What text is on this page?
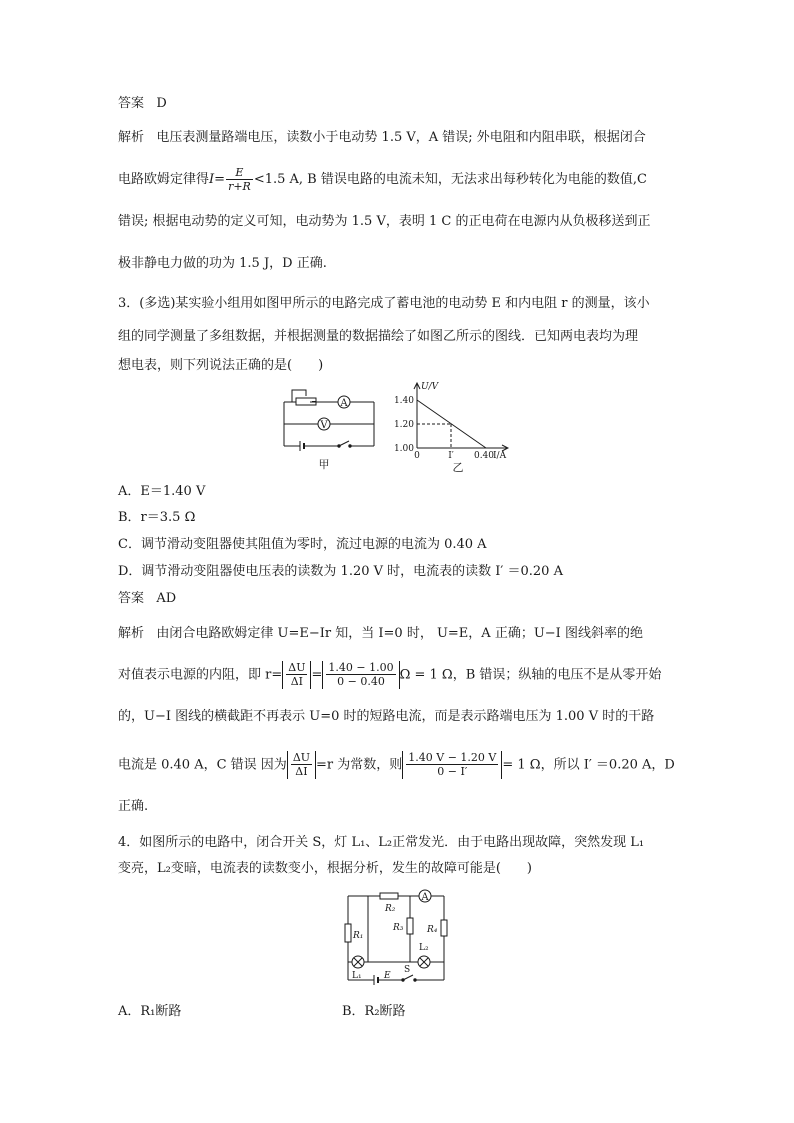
答案 D
解析 电压表测量路端电压，读数小于电动势 1.5 V，A 错误; 外电阻和内阻串联，根据闭合
电路欧姆定律得$I= \frac{E}{r+R} <1.5$ A, B 错误电路的电流未知，无法求出每秒转化为电能的数值,C
错误; 根据电动势的定义可知，电动势为 1.5 V，表明 1 C 的正电荷在电源内从负极移送到正
极非静电力做的功为 1.5 J，D 正确.
3．(多选)某实验小组用如图甲所示的电路完成了蓄电池的电动势 E 和内电阻 r 的测量，该小
组的同学测量了多组数据，并根据测量的数据描绘了如图乙所示的图线．已知两电表均为理
想电表，则下列说法正确的是(　　)
A
V
甲
U/V
I/A
1.40
1.20
1.00
0	I′ 0.40
乙
A．E＝1.40 V
B．r＝3.5 Ω
C．调节滑动变阻器使其阻值为零时，流过电源的电流为 0.40 A
D．调节滑动变阻器使电压表的读数为 1.20 V 时，电流表的读数 I′ ＝0.20 A
答案 AD
解析 由闭合电路欧姆定律 U=E−Ir 知，当 I=0 时， U=E，A 正确；U−I 图线斜率的绝
对值表示电源的内阻，即 $r= \frac{\Delta U}{\Delta I} = \frac{1.40 - 1.00}{0 - 0.40}$ Ω = 1 Ω，B 错误；纵轴的电压不是从零开始
的，U−I 图线的横截距不再表示 U=0 时的短路电流，而是表示路端电压为 1.00 V 时的干路
电流是 0.40 A，C 错误 因为 $\frac{\Delta U}{\Delta I} =r$ 为常数，则 $\frac{1.40 V - 1.20 V}{0 - I'} = 1$ Ω，所以 I′ ＝0.20 A，D
正确.
4．如图所示的电路中，闭合开关 S，灯 L₁、L₂正常发光．由于电路出现故障，突然发现 L₁
变亮，L₂变暗，电流表的读数变小，根据分析，发生的故障可能是(　　)
A
R₂
R₁
R₃	R₄
L₂
L₁ E
S
A．R₁断路	B．R₂断路
